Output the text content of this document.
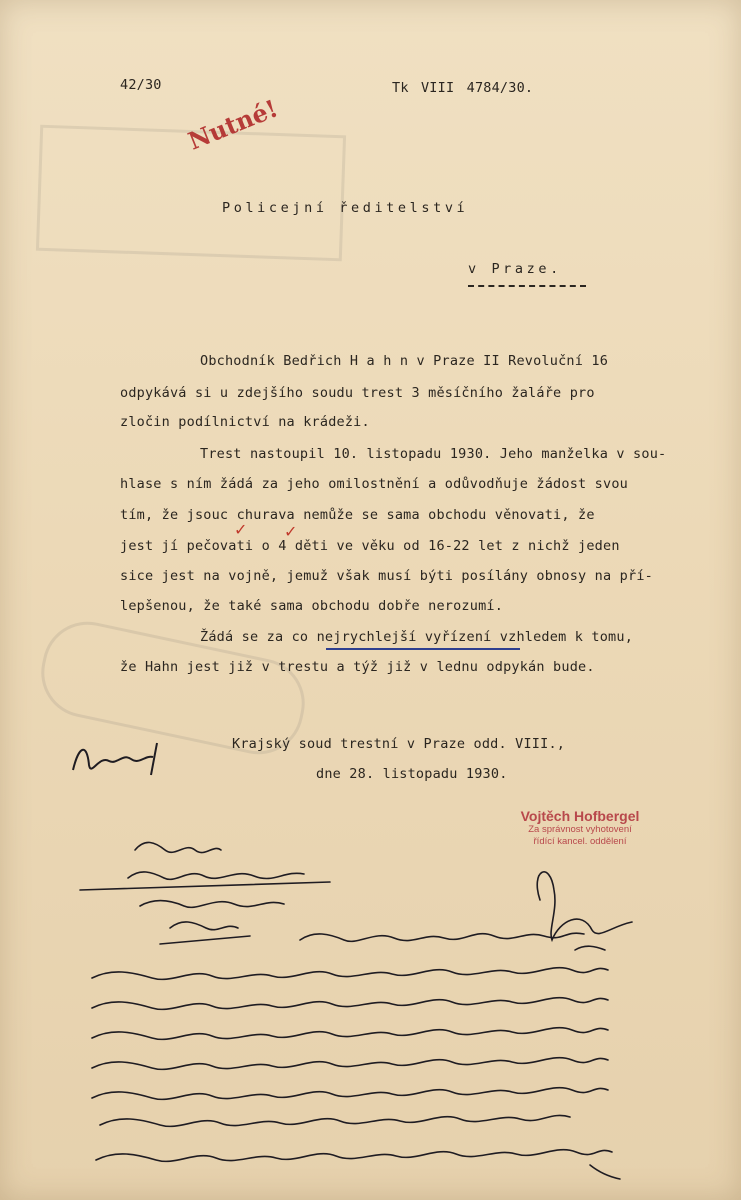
42/30	Tk VIII 4784/30.
Nutné!
Policejní ředitelství
v Praze.
Obchodník Bedřich H a h n v Praze II Revoluční 16
odpykává si u zdejšího soudu trest 3 měsíčního žaláře pro
zločin podílnictví na krádeži.
Trest nastoupil 10. listopadu 1930. Jeho manželka v sou-
hlase s ním žádá za jeho omilostnění a odůvodňuje žádost svou
tím, že jsouc churava nemůže se sama obchodu věnovati, že
jest jí pečovati o 4 děti ve věku od 16-22 let z nichž jeden
sice jest na vojně, jemuž však musí býti posílány obnosy na pří-
lepšenou, že také sama obchodu dobře nerozumí.
✓ ✓
Žádá se za co nejrychlejší vyřízení vzhledem k tomu,
že Hahn jest již v trestu a týž již v lednu odpykán bude.
Krajský soud trestní v Praze odd. VIII.,
dne 28. listopadu 1930.
Vojtěch Hofbergel
Za správnost vyhotovení
řídící kancel. oddělení
